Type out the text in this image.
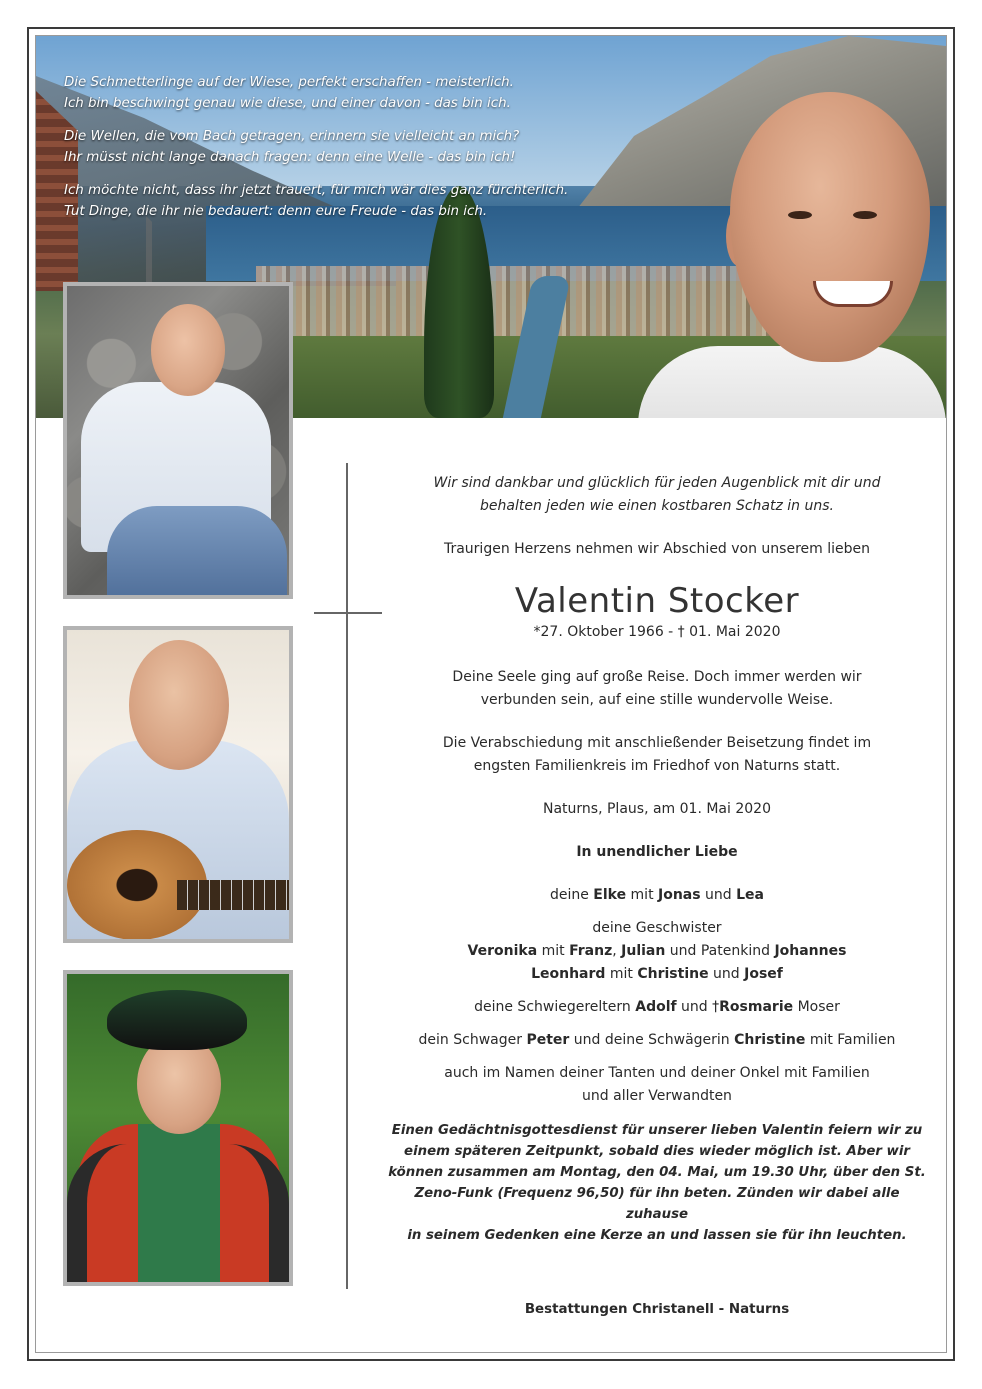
Die Schmetterlinge auf der Wiese, perfekt erschaffen - meisterlich.
Ich bin beschwingt genau wie diese, und einer davon - das bin ich.
Die Wellen, die vom Bach getragen, erinnern sie vielleicht an mich?
Ihr müsst nicht lange danach fragen: denn eine Welle - das bin ich!
Ich möchte nicht, dass ihr jetzt trauert, für mich wär dies ganz fürchterlich.
Tut Dinge, die ihr nie bedauert: denn eure Freude - das bin ich.
Wir sind dankbar und glücklich für jeden Augenblick mit dir und
behalten jeden wie einen kostbaren Schatz in uns.
Traurigen Herzens nehmen wir Abschied von unserem lieben
Valentin Stocker
*27. Oktober 1966 - † 01. Mai 2020
Deine Seele ging auf große Reise. Doch immer werden wir
verbunden sein, auf eine stille wundervolle Weise.
Die Verabschiedung mit anschließender Beisetzung findet im
engsten Familienkreis im Friedhof von Naturns statt.
Naturns, Plaus, am 01. Mai 2020
In unendlicher Liebe
deine Elke mit Jonas und Lea
deine Geschwister
Veronika mit Franz, Julian und Patenkind Johannes
Leonhard mit Christine und Josef
deine Schwiegereltern Adolf und †Rosmarie Moser
dein Schwager Peter und deine Schwägerin Christine mit Familien
auch im Namen deiner Tanten und deiner Onkel mit Familien
und aller Verwandten
Einen Gedächtnisgottesdienst für unserer lieben Valentin feiern wir zu
einem späteren Zeitpunkt, sobald dies wieder möglich ist. Aber wir
können zusammen am Montag, den 04. Mai, um 19.30 Uhr, über den St.
Zeno-Funk (Frequenz 96,50) für ihn beten. Zünden wir dabei alle zuhause
in seinem Gedenken eine Kerze an und lassen sie für ihn leuchten.
Bestattungen Christanell - Naturns
